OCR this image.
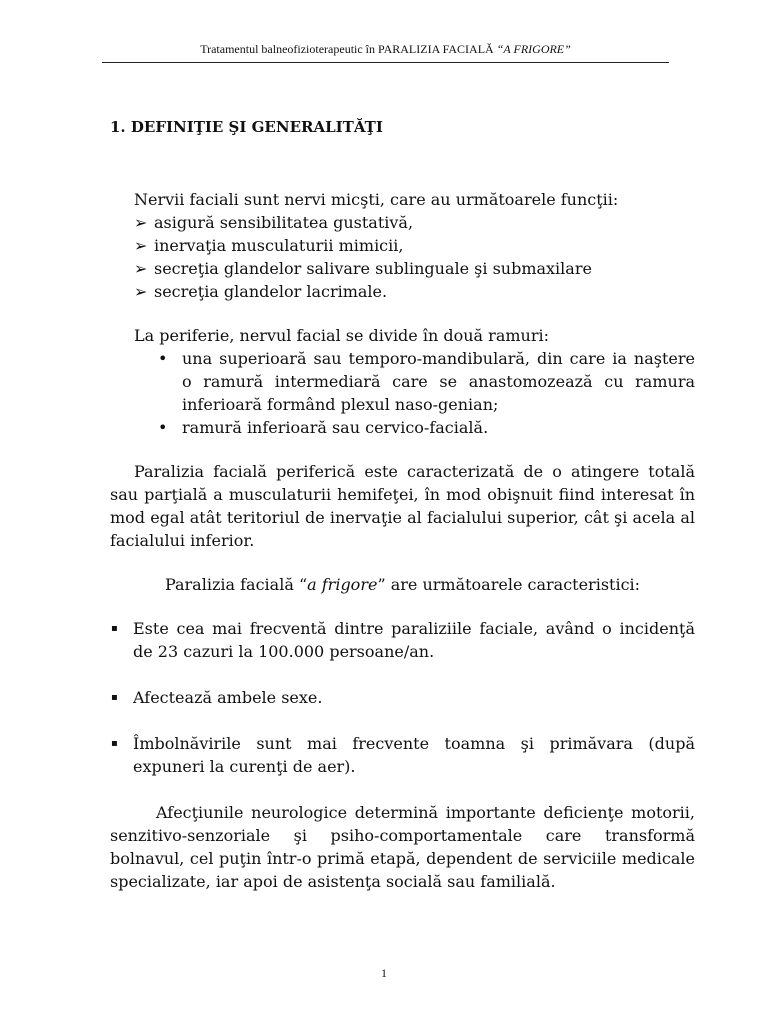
Tratamentul balneofizioterapeutic în PARALIZIA FACIALĂ “A FRIGORE”
1. DEFINIŢIE ŞI GENERALITĂŢI

Nervii faciali sunt nervi micşti, care au următoarele funcţii:

➢ asigură sensibilitatea gustativă,
➢ inervaţia musculaturii mimicii,
➢ secreţia glandelor salivare sublinguale şi submaxilare
➢ secreţia glandelor lacrimale.

La periferie, nervul facial se divide în două ramuri:

• una superioară sau temporo-mandibulară, din care ia naştere o ramură intermediară care se anastomozează cu ramura inferioară formând plexul naso-genian;
• ramură inferioară sau cervico-facială.

Paralizia facială periferică este caracterizată de o atingere totală sau parţială a musculaturii hemifeţei, în mod obişnuit fiind interesat în mod egal atât teritoriul de inervaţie al facialului superior, cât şi acela al facialului inferior.

Paralizia facială “a frigore” are următoarele caracteristici:

▪ Este cea mai frecventă dintre paraliziile faciale, având o incidenţă de 23 cazuri la 100.000 persoane/an.
▪ Afectează ambele sexe.
▪ Îmbolnăvirile sunt mai frecvente toamna şi primăvara (după expuneri la curenţi de aer).

Afecţiunile neurologice determină importante deficienţe motorii, senzitivo-senzoriale şi psiho-comportamentale care transformă bolnavul, cel puţin într-o primă etapă, dependent de serviciile medicale specializate, iar apoi de asistenţa socială sau familială.

1
